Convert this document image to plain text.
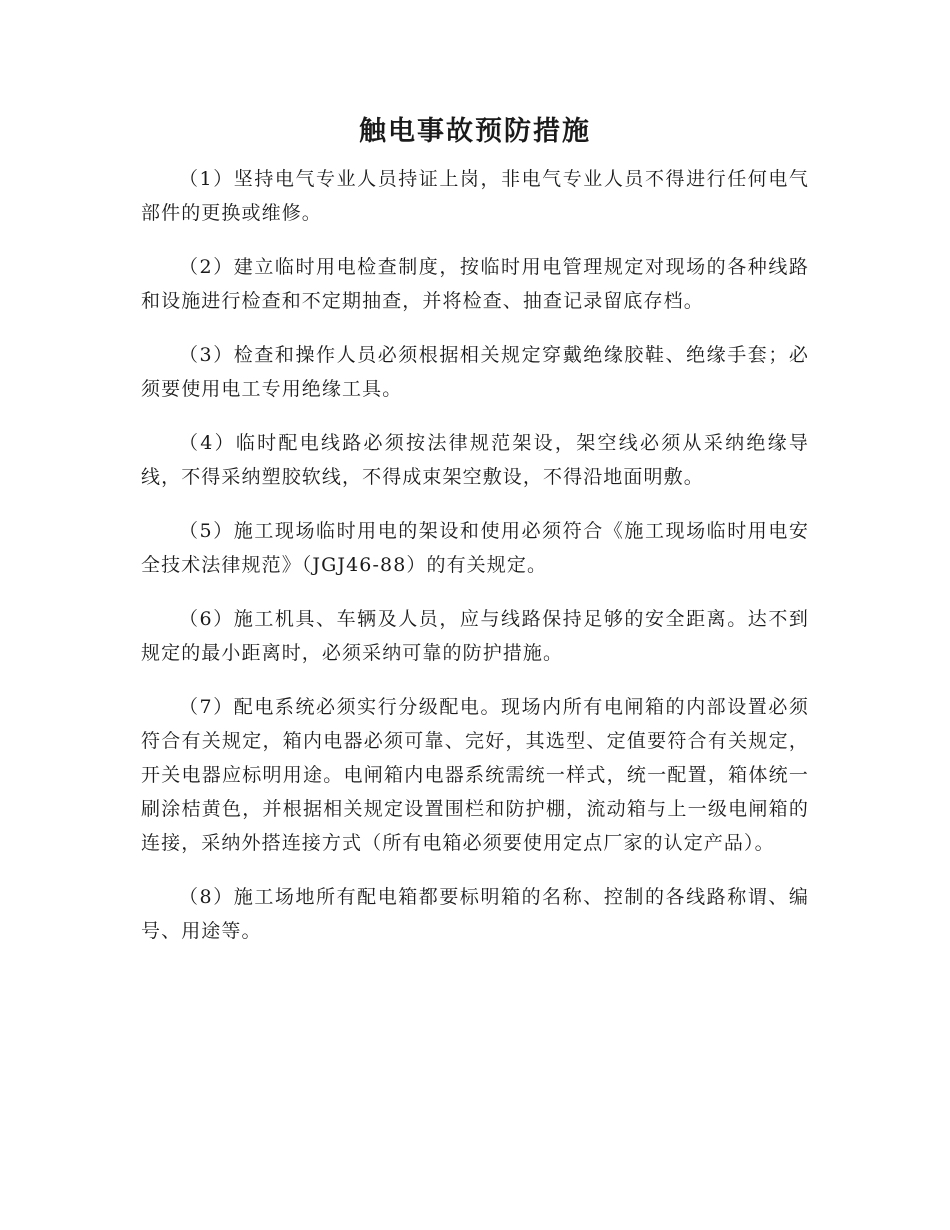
触电事故预防措施

（1）坚持电气专业人员持证上岗，非电气专业人员不得进行任何电气部件的更换或维修。

（2）建立临时用电检查制度，按临时用电管理规定对现场的各种线路和设施进行检查和不定期抽查，并将检查、抽查记录留底存档。

（3）检查和操作人员必须根据相关规定穿戴绝缘胶鞋、绝缘手套；必须要使用电工专用绝缘工具。

（4）临时配电线路必须按法律规范架设，架空线必须从采纳绝缘导线，不得采纳塑胶软线，不得成束架空敷设，不得沿地面明敷。

（5）施工现场临时用电的架设和使用必须符合《施工现场临时用电安全技术法律规范》（JGJ46-88）的有关规定。

（6）施工机具、车辆及人员，应与线路保持足够的安全距离。达不到规定的最小距离时，必须采纳可靠的防护措施。

（7）配电系统必须实行分级配电。现场内所有电闸箱的内部设置必须符合有关规定，箱内电器必须可靠、完好，其选型、定值要符合有关规定，开关电器应标明用途。电闸箱内电器系统需统一样式，统一配置，箱体统一刷涂桔黄色，并根据相关规定设置围栏和防护棚，流动箱与上一级电闸箱的连接，采纳外搭连接方式（所有电箱必须要使用定点厂家的认定产品）。

（8）施工场地所有配电箱都要标明箱的名称、控制的各线路称谓、编号、用途等。
